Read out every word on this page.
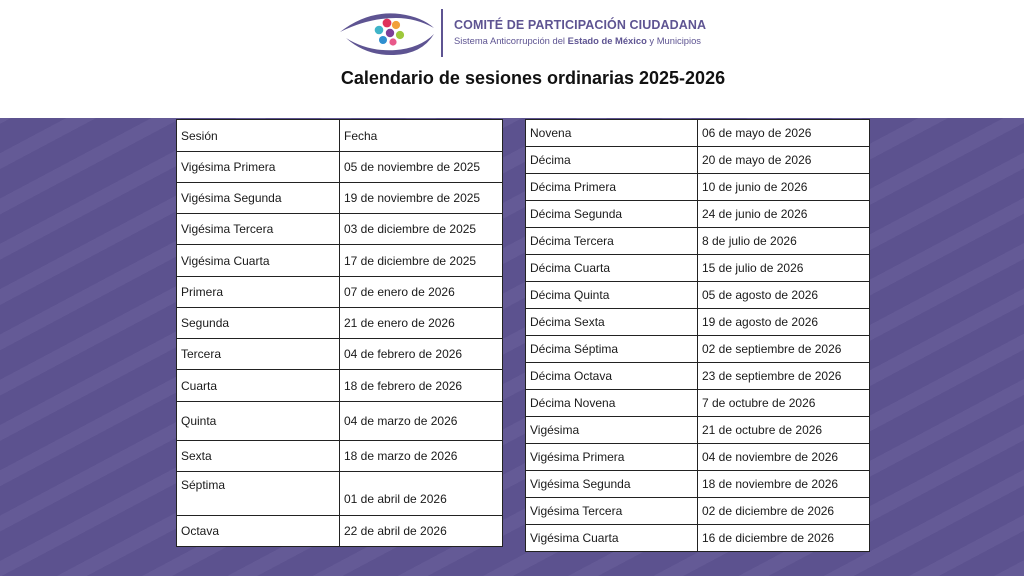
COMITÉ DE PARTICIPACIÓN CIUDADANA
Sistema Anticorrupción del Estado de México y Municipios
Calendario de sesiones ordinarias 2025-2026
Sesión	Fecha
Vigésima Primera	05 de noviembre de 2025
Vigésima Segunda	19 de noviembre de 2025
Vigésima Tercera	03 de diciembre de 2025
Vigésima Cuarta	17 de diciembre de 2025
Primera	07 de enero de 2026
Segunda	21 de enero de 2026
Tercera	04 de febrero de 2026
Cuarta	18 de febrero de 2026
Quinta	04 de marzo de 2026
Sexta	18 de marzo de 2026
Séptima	01 de abril de 2026
Octava	22 de abril de 2026
Novena	06 de mayo de 2026
Décima	20 de mayo de 2026
Décima Primera	10 de junio de 2026
Décima Segunda	24 de junio de 2026
Décima Tercera	8 de julio de 2026
Décima Cuarta	15 de julio de 2026
Décima Quinta	05 de agosto de 2026
Décima Sexta	19 de agosto de 2026
Décima Séptima	02 de septiembre de 2026
Décima Octava	23 de septiembre de 2026
Décima Novena	7 de octubre de 2026
Vigésima	21 de octubre de 2026
Vigésima Primera	04 de noviembre de 2026
Vigésima Segunda	18 de noviembre de 2026
Vigésima Tercera	02 de diciembre de 2026
Vigésima Cuarta	16 de diciembre de 2026
